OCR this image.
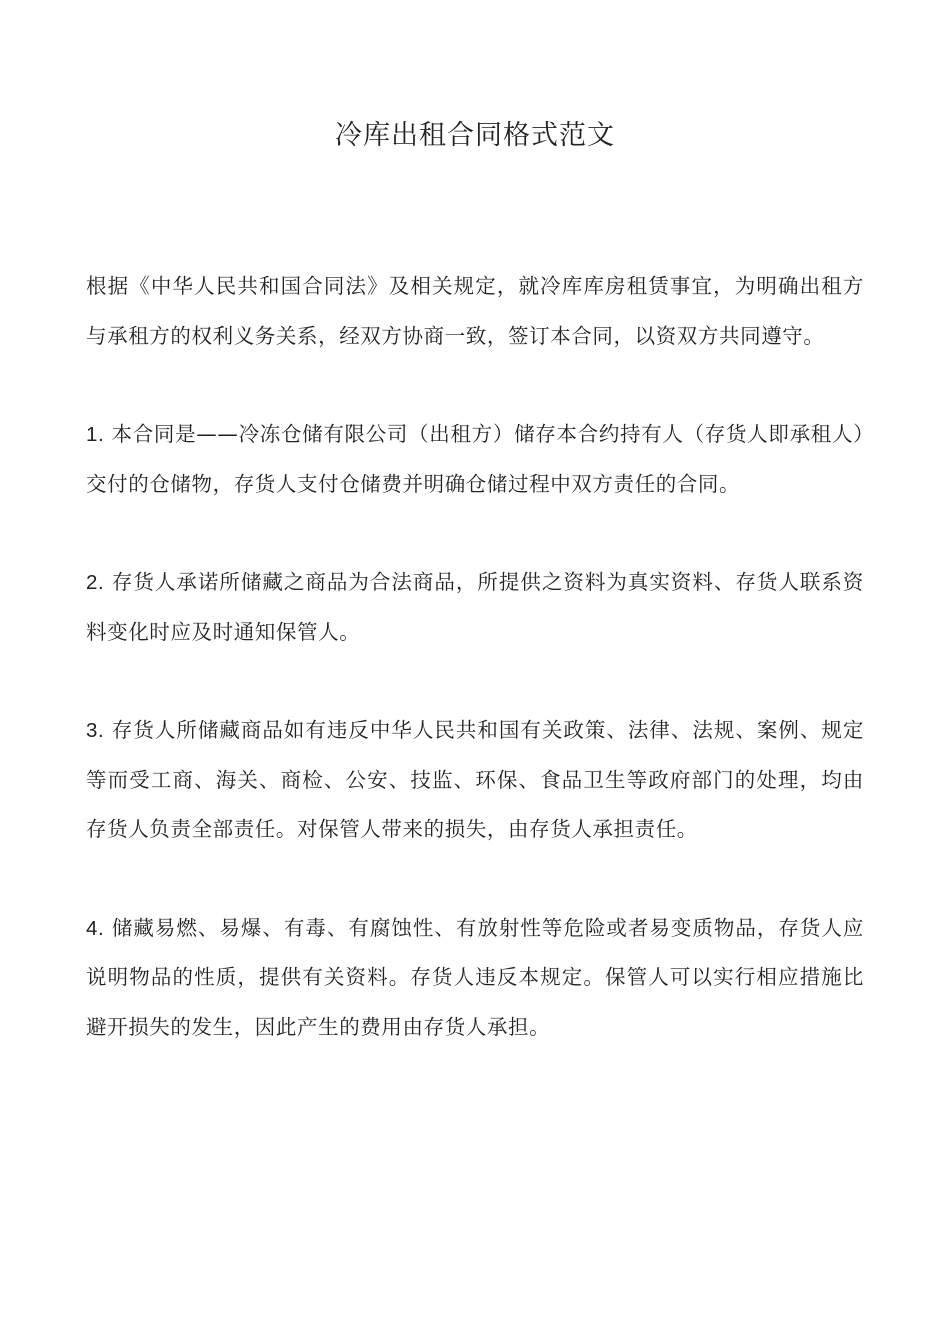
冷库出租合同格式范文

根据《中华人民共和国合同法》及相关规定，就冷库库房租赁事宜，为明确出租方与承租方的权利义务关系，经双方协商一致，签订本合同，以资双方共同遵守。

1. 本合同是——冷冻仓储有限公司（出租方）储存本合约持有人（存货人即承租人）交付的仓储物，存货人支付仓储费并明确仓储过程中双方责任的合同。

2. 存货人承诺所储藏之商品为合法商品，所提供之资料为真实资料、存货人联系资料变化时应及时通知保管人。

3. 存货人所储藏商品如有违反中华人民共和国有关政策、法律、法规、案例、规定等而受工商、海关、商检、公安、技监、环保、食品卫生等政府部门的处理，均由存货人负责全部责任。对保管人带来的损失，由存货人承担责任。

4. 储藏易燃、易爆、有毒、有腐蚀性、有放射性等危险或者易变质物品，存货人应说明物品的性质，提供有关资料。存货人违反本规定。保管人可以实行相应措施比避开损失的发生，因此产生的费用由存货人承担。
